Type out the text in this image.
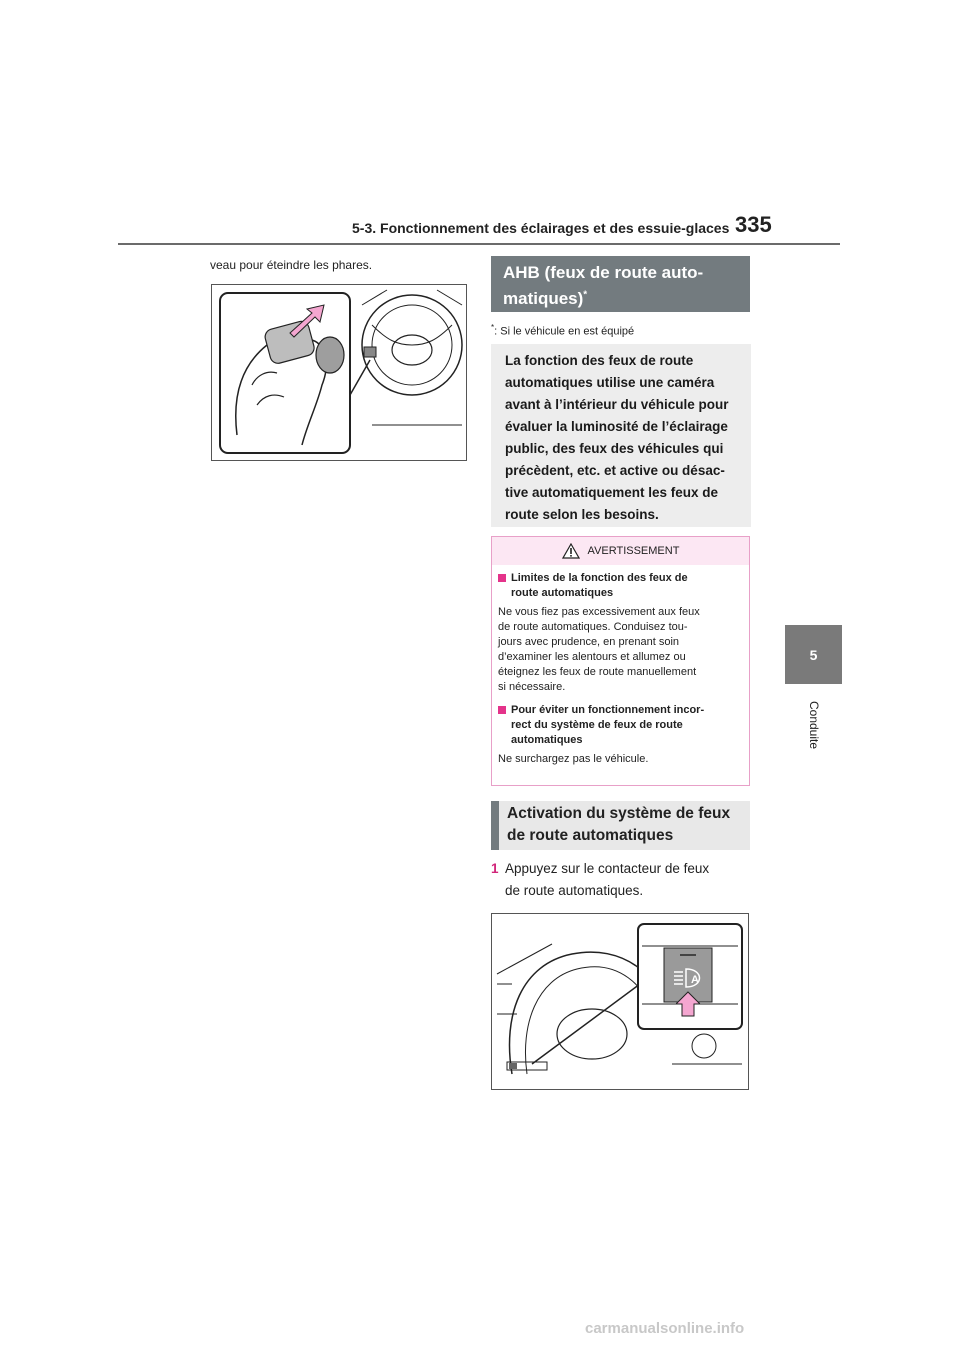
5-3. Fonctionnement des éclairages et des essuie-glaces 335
5
Conduite
veau pour éteindre les phares.	AHB (feux de route auto-
matiques)*
*: Si le véhicule en est équipé
La fonction des feux de route
automatiques utilise une caméra
avant à l’intérieur du véhicule pour
évaluer la luminosité de l’éclairage
public, des feux des véhicules qui
précèdent, etc. et active ou désac-
tive automatiquement les feux de
route selon les besoins.
AVERTISSEMENT
Limites de la fonction des feux de
route automatiques

Ne vous fiez pas excessivement aux feux
de route automatiques. Conduisez tou-
jours avec prudence, en prenant soin
d’examiner les alentours et allumez ou
éteignez les feux de route manuellement
si nécessaire.

Pour éviter un fonctionnement incor-
rect du système de feux de route
automatiques

Ne surchargez pas le véhicule.

Activation du système de feux
de route automatiques
1 Appuyez sur le contacteur de feux
de route automatiques.
A
carmanualsonline.info
